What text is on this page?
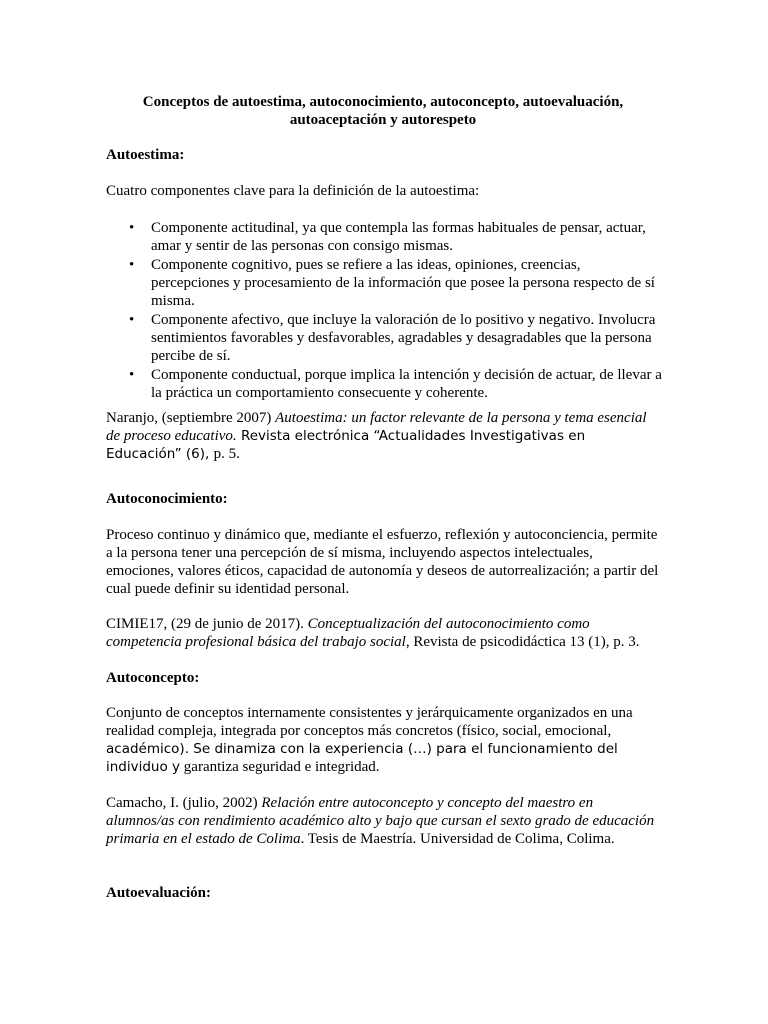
Conceptos de autoestima, autoconocimiento, autoconcepto, autoevaluación,
autoaceptación y autorespeto
Autoestima:
Cuatro componentes clave para la definición de la autoestima:
• Componente actitudinal, ya que contempla las formas habituales de pensar, actuar, amar y sentir de las personas con consigo mismas.
• Componente cognitivo, pues se refiere a las ideas, opiniones, creencias, percepciones y procesamiento de la información que posee la persona respecto de sí misma.
• Componente afectivo, que incluye la valoración de lo positivo y negativo. Involucra sentimientos favorables y desfavorables, agradables y desagradables que la persona percibe de sí.
• Componente conductual, porque implica la intención y decisión de actuar, de llevar a la práctica un comportamiento consecuente y coherente.
Naranjo, (septiembre 2007) Autoestima: un factor relevante de la persona y tema esencial de proceso educativo. Revista electrónica “Actualidades Investigativas en Educación” (6), p. 5.
Autoconocimiento:
Proceso continuo y dinámico que, mediante el esfuerzo, reflexión y autoconciencia, permite a la persona tener una percepción de sí misma, incluyendo aspectos intelectuales, emociones, valores éticos, capacidad de autonomía y deseos de autorrealización; a partir del cual puede definir su identidad personal.
CIMIE17, (29 de junio de 2017). Conceptualización del autoconocimiento como competencia profesional básica del trabajo social, Revista de psicodidáctica 13 (1), p. 3.
Autoconcepto:
Conjunto de conceptos internamente consistentes y jerárquicamente organizados en una realidad compleja, integrada por conceptos más concretos (físico, social, emocional, académico). Se dinamiza con la experiencia (…) para el funcionamiento del individuo y garantiza seguridad e integridad.
Camacho, I. (julio, 2002) Relación entre autoconcepto y concepto del maestro en alumnos/as con rendimiento académico alto y bajo que cursan el sexto grado de educación primaria en el estado de Colima. Tesis de Maestría. Universidad de Colima, Colima.
Autoevaluación:
